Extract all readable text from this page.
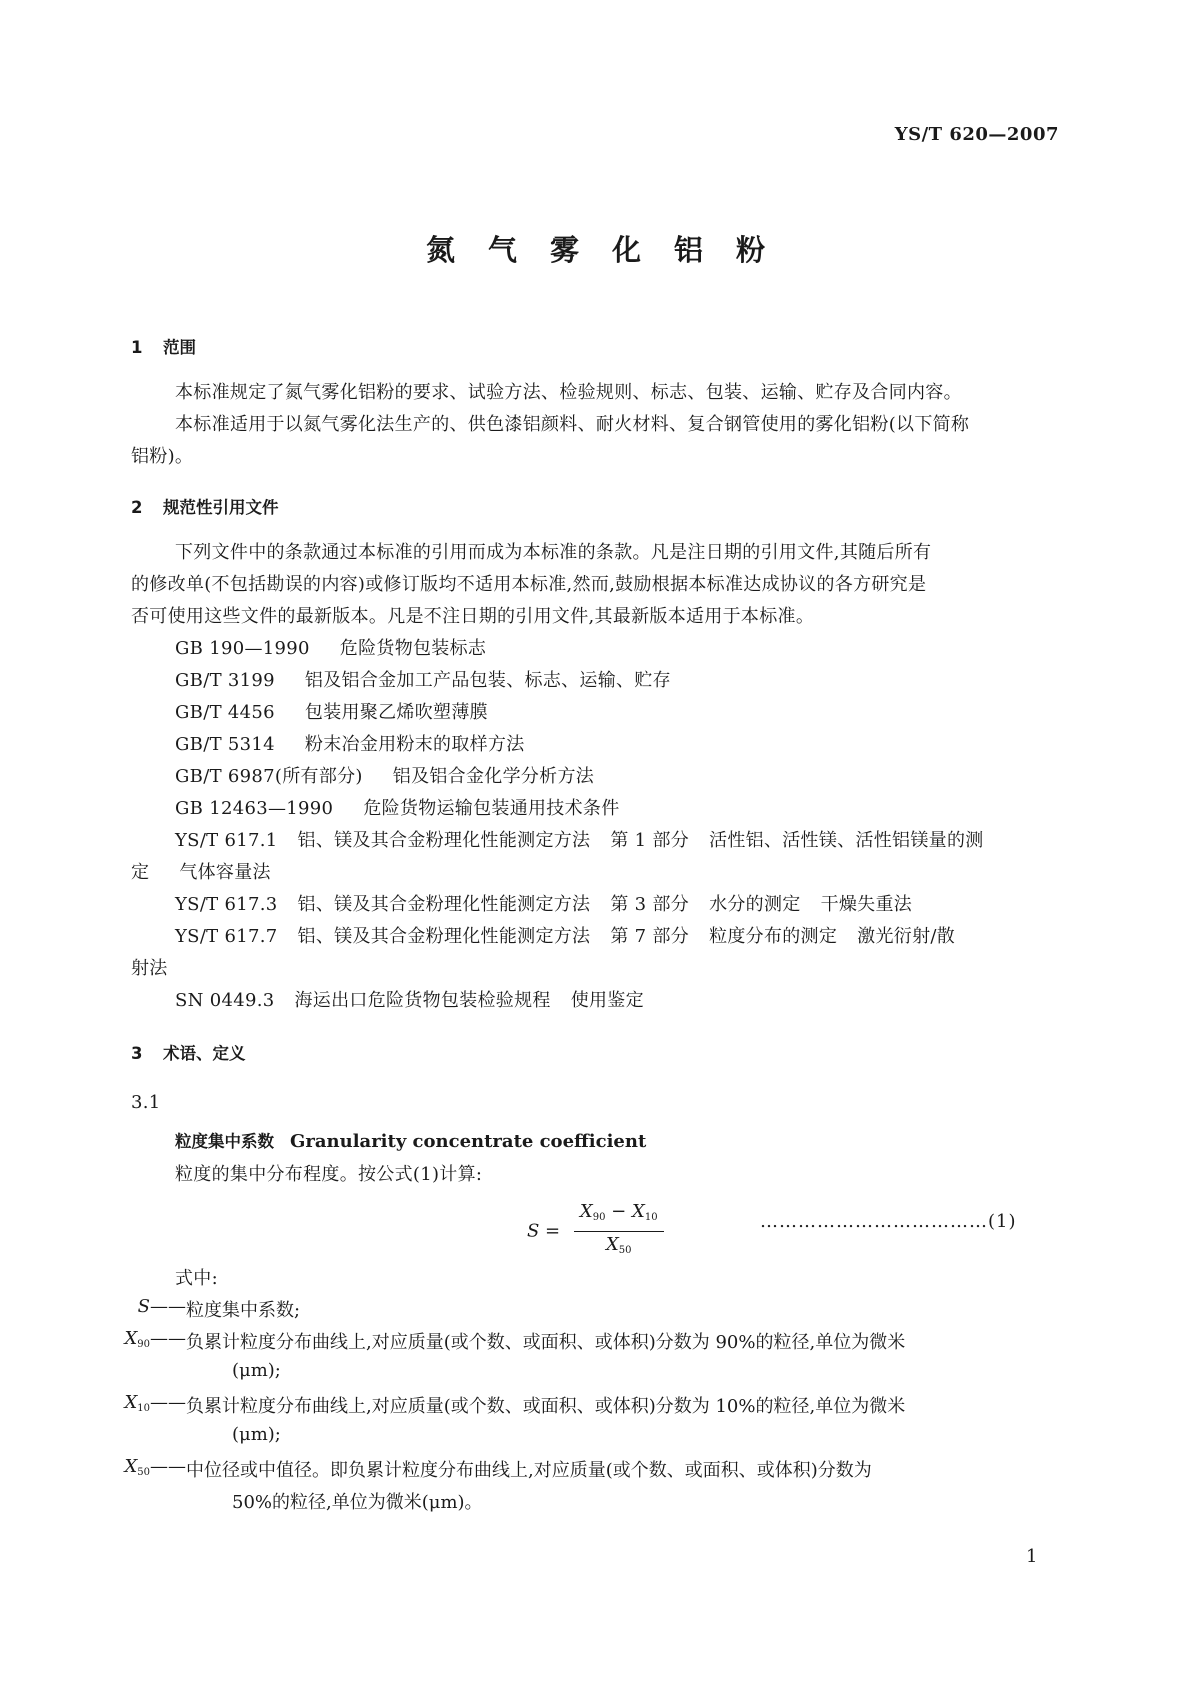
YS/T 620—2007
氮气雾化铝粉
1 范围
本标准规定了氮气雾化铝粉的要求、试验方法、检验规则、标志、包装、运输、贮存及合同内容。
本标准适用于以氮气雾化法生产的、供色漆铝颜料、耐火材料、复合钢管使用的雾化铝粉(以下简称
铝粉)。
2 规范性引用文件
下列文件中的条款通过本标准的引用而成为本标准的条款。凡是注日期的引用文件,其随后所有
的修改单(不包括勘误的内容)或修订版均不适用本标准,然而,鼓励根据本标准达成协议的各方研究是
否可使用这些文件的最新版本。凡是不注日期的引用文件,其最新版本适用于本标准。
GB 190—1990 危险货物包装标志
GB/T 3199 铝及铝合金加工产品包装、标志、运输、贮存
GB/T 4456 包装用聚乙烯吹塑薄膜
GB/T 5314 粉末冶金用粉末的取样方法
GB/T 6987(所有部分) 铝及铝合金化学分析方法
GB 12463—1990 危险货物运输包装通用技术条件
YS/T 617.1 铝、镁及其合金粉理化性能测定方法 第 1 部分 活性铝、活性镁、活性铝镁量的测
定 气体容量法
YS/T 617.3 铝、镁及其合金粉理化性能测定方法 第 3 部分 水分的测定 干燥失重法
YS/T 617.7 铝、镁及其合金粉理化性能测定方法 第 7 部分 粒度分布的测定 激光衍射/散
射法
SN 0449.3 海运出口危险货物包装检验规程 使用鉴定
3 术语、定义
3.1
粒度集中系数 Granularity concentrate coefficient
粒度的集中分布程度。按公式(1)计算:
$S = \frac{X_{90} - X_{10}}{X_{50}}$	………………………………(1)
式中:
S—— 粒度集中系数;
$X_{90}——$ 负累计粒度分布曲线上,对应质量(或个数、或面积、或体积)分数为 90%的粒径,单位为微米
(μm);
$X_{10}——$ 负累计粒度分布曲线上,对应质量(或个数、或面积、或体积)分数为 10%的粒径,单位为微米
(μm);
$X_{50}——$ 中位径或中值径。即负累计粒度分布曲线上,对应质量(或个数、或面积、或体积)分数为
50%的粒径,单位为微米(μm)。
1
